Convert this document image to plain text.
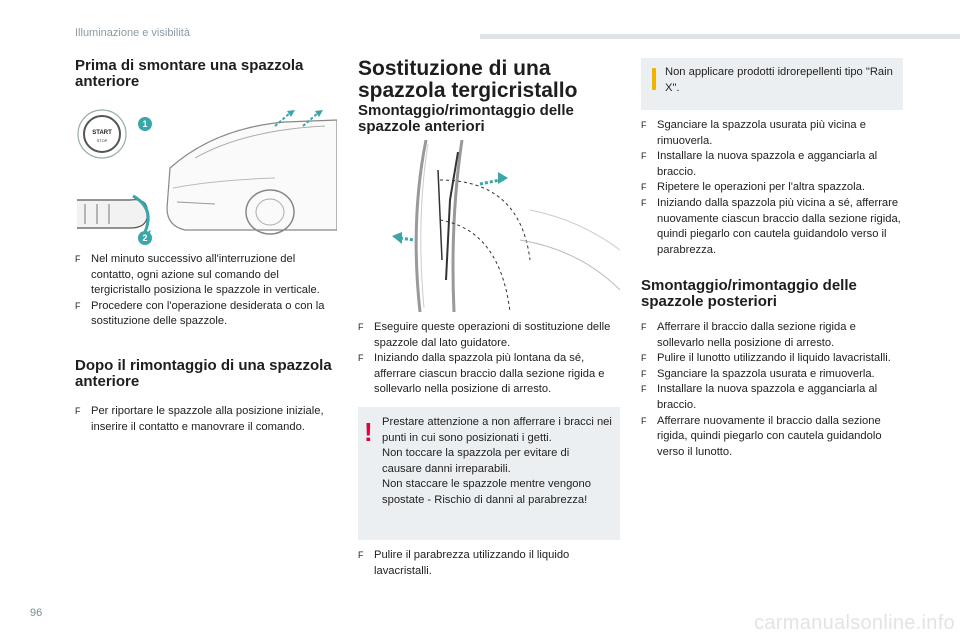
Illuminazione e visibilità
Prima di smontare una spazzola anteriore
START
STOP
1
2
F Nel minuto successivo all'interruzione del contatto, ogni azione sul comando del tergicristallo posiziona le spazzole in verticale.
F Procedere con l'operazione desiderata o con la sostituzione delle spazzole.
Dopo il rimontaggio di una spazzola anteriore
F Per riportare le spazzole alla posizione iniziale, inserire il contatto e manovrare il comando.
Sostituzione di una spazzola tergicristallo
Smontaggio/rimontaggio delle spazzole anteriori
F Eseguire queste operazioni di sostituzione delle spazzole dal lato guidatore.
F Iniziando dalla spazzola più lontana da sé, afferrare ciascun braccio dalla sezione rigida e sollevarlo nella posizione di arresto.
! Prestare attenzione a non afferrare i bracci nei punti in cui sono posizionati i getti.
Non toccare la spazzola per evitare di causare danni irreparabili.
Non staccare le spazzole mentre vengono spostate - Rischio di danni al parabrezza!
F Pulire il parabrezza utilizzando il liquido lavacristalli.
Non applicare prodotti idrorepellenti tipo "Rain X".
F Sganciare la spazzola usurata più vicina e rimuoverla.
F Installare la nuova spazzola e agganciarla al braccio.
F Ripetere le operazioni per l'altra spazzola.
F Iniziando dalla spazzola più vicina a sé, afferrare nuovamente ciascun braccio dalla sezione rigida, quindi piegarlo con cautela guidandolo verso il parabrezza.
Smontaggio/rimontaggio delle spazzole posteriori
F Afferrare il braccio dalla sezione rigida e sollevarlo nella posizione di arresto.
F Pulire il lunotto utilizzando il liquido lavacristalli.
F Sganciare la spazzola usurata e rimuoverla.
F Installare la nuova spazzola e agganciarla al braccio.
F Afferrare nuovamente il braccio dalla sezione rigida, quindi piegarlo con cautela guidandolo verso il lunotto.
96	carmanualsonline.info
